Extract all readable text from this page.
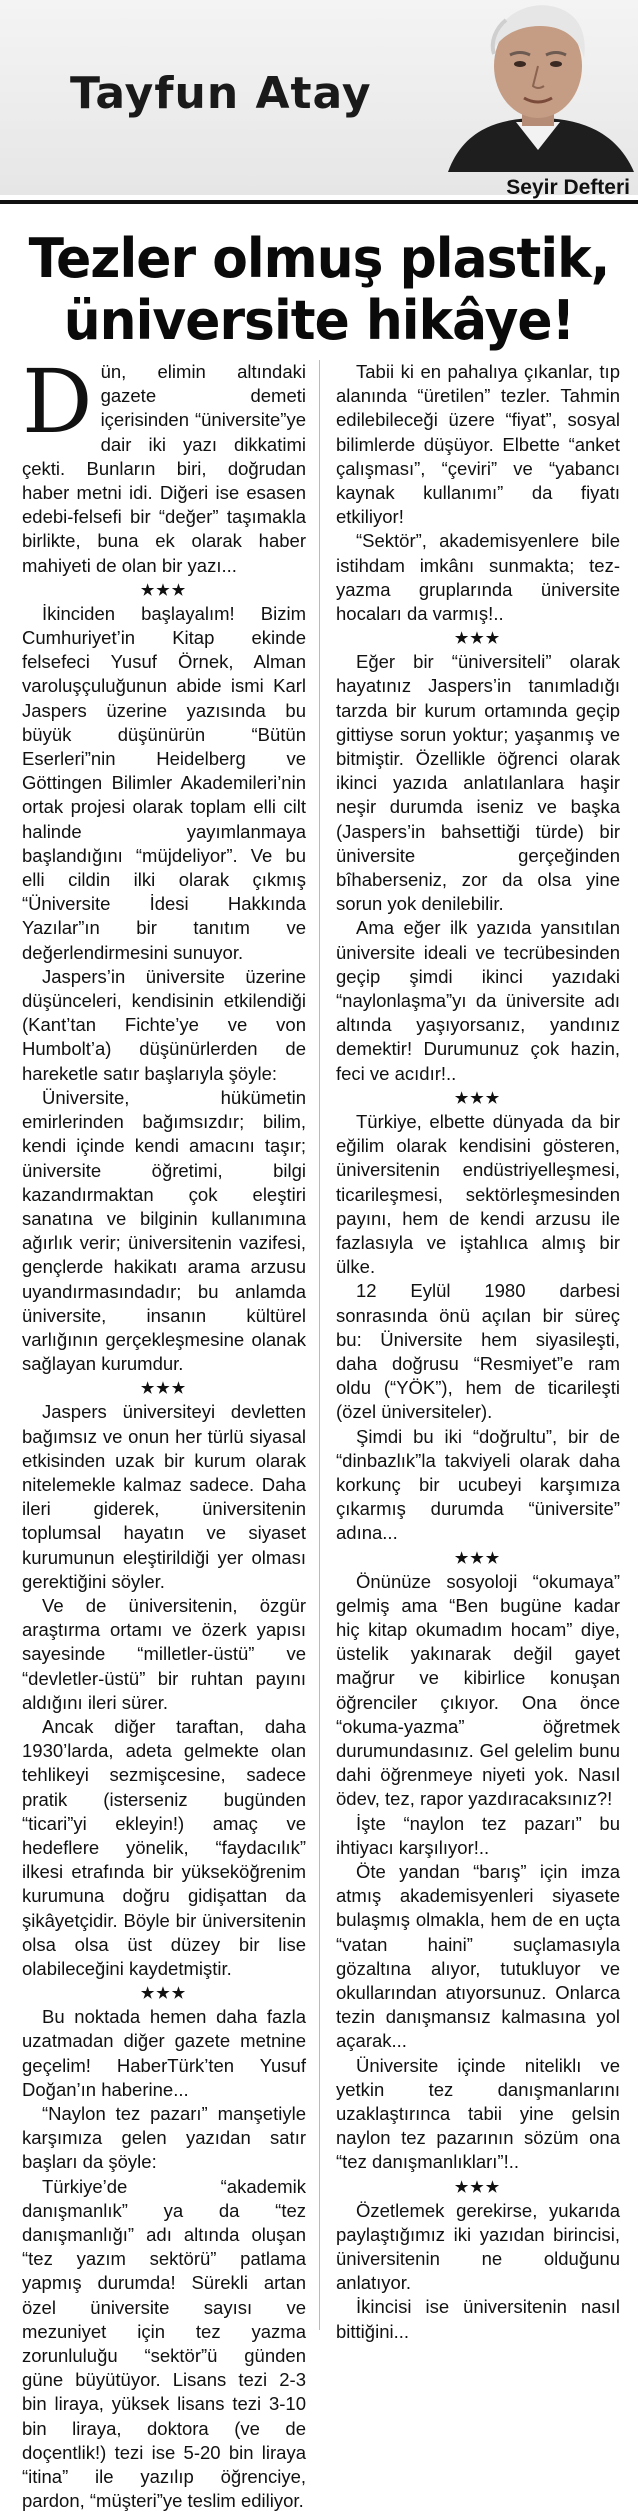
Tayfun Atay
Seyir Defteri
Tezler olmuş plastik,
üniversite hikâye!

Dün, elimin altındaki gazete demeti içerisinden “üniversite”ye dair iki yazı dikkatimi çekti. Bunların biri, doğrudan haber metni idi. Diğeri ise esasen edebi-felsefi bir “değer” taşımakla birlikte, buna ek olarak haber mahiyeti de olan bir yazı...

★★★

İkinciden başlayalım! Bizim Cumhuriyet’in Kitap ekinde felsefeci Yusuf Örnek, Alman varoluşçuluğunun abide ismi Karl Jaspers üzerine yazısında bu büyük düşünürün “Bütün Eserleri”nin Heidelberg ve Göttingen Bilimler Akademileri’nin ortak projesi olarak toplam elli cilt halinde yayımlanmaya başlandığını “müjdeliyor”. Ve bu elli cildin ilki olarak çıkmış “Üniversite İdesi Hakkında Yazılar”ın bir tanıtım ve değerlendirmesini sunuyor.

Jaspers’in üniversite üzerine düşünceleri, kendisinin etkilendiği (Kant’tan Fichte’ye ve von Humbolt’a) düşünürlerden de hareketle satır başlarıyla şöyle:

Üniversite, hükümetin emirlerinden bağımsızdır; bilim, kendi içinde kendi amacını taşır; üniversite öğretimi, bilgi kazandırmaktan çok eleştiri sanatına ve bilginin kullanımına ağırlık verir; üniversitenin vazifesi, gençlerde hakikatı arama arzusu uyandırmasındadır; bu anlamda üniversite, insanın kültürel varlığının gerçekleşmesine olanak sağlayan kurumdur.

★★★

Jaspers üniversiteyi devletten bağımsız ve onun her türlü siyasal etkisinden uzak bir kurum olarak nitelemekle kalmaz sadece. Daha ileri giderek, üniversitenin toplumsal hayatın ve siyaset kurumunun eleştirildiği yer olması gerektiğini söyler.

Ve de üniversitenin, özgür araştırma ortamı ve özerk yapısı sayesinde “milletler-üstü” ve “devletler-üstü” bir ruhtan payını aldığını ileri sürer.

Ancak diğer taraftan, daha 1930’larda, adeta gelmekte olan tehlikeyi sezmişcesine, sadece pratik (isterseniz bugünden “ticari”yi ekleyin!) amaç ve hedeflere yönelik, “faydacılık” ilkesi etrafında bir yükseköğrenim kurumuna doğru gidişattan da şikâyetçidir. Böyle bir üniversitenin olsa olsa üst düzey bir lise olabileceğini kaydetmiştir.

★★★

Bu noktada hemen daha fazla uzatmadan diğer gazete metnine geçelim! HaberTürk’ten Yusuf Doğan’ın haberine...

“Naylon tez pazarı” manşetiyle karşımıza gelen yazıdan satır başları da şöyle:

Türkiye’de “akademik danışmanlık” ya da “tez danışmanlığı” adı altında oluşan “tez yazım sektörü” patlama yapmış durumda! Sürekli artan özel üniversite sayısı ve mezuniyet için tez yazma zorunluluğu “sektör”ü günden güne büyütüyor. Lisans tezi 2-3 bin liraya, yüksek lisans tezi 3-10 bin liraya, doktora (ve de doçentlik!) tezi ise 5-20 bin liraya “itina” ile yazılıp öğrenciye, pardon, “müşteri”ye teslim ediliyor.

Tabii ki en pahalıya çıkanlar, tıp alanında “üretilen” tezler. Tahmin edilebileceği üzere “fiyat”, sosyal bilimlerde düşüyor. Elbette “anket çalışması”, “çeviri” ve “yabancı kaynak kullanımı” da fiyatı etkiliyor!

“Sektör”, akademisyenlere bile istihdam imkânı sunmakta; tez-yazma gruplarında üniversite hocaları da varmış!..

★★★

Eğer bir “üniversiteli” olarak hayatınız Jaspers’in tanımladığı tarzda bir kurum ortamında geçip gittiyse sorun yoktur; yaşanmış ve bitmiştir. Özellikle öğrenci olarak ikinci yazıda anlatılanlara haşir neşir durumda iseniz ve başka (Jaspers’in bahsettiği türde) bir üniversite gerçeğinden bîhaberseniz, zor da olsa yine sorun yok denilebilir.

Ama eğer ilk yazıda yansıtılan üniversite ideali ve tecrübesinden geçip şimdi ikinci yazıdaki “naylonlaşma”yı da üniversite adı altında yaşıyorsanız, yandınız demektir! Durumunuz çok hazin, feci ve acıdır!..

★★★

Türkiye, elbette dünyada da bir eğilim olarak kendisini gösteren, üniversitenin endüstriyelleşmesi, ticarileşmesi, sektörleşmesinden payını, hem de kendi arzusu ile fazlasıyla ve iştahlıca almış bir ülke.

12 Eylül 1980 darbesi sonrasında önü açılan bir süreç bu: Üniversite hem siyasileşti, daha doğrusu “Resmiyet”e ram oldu (“YÖK”), hem de ticarileşti (özel üniversiteler).

Şimdi bu iki “doğrultu”, bir de “dinbazlık”la takviyeli olarak daha korkunç bir ucubeyi karşımıza çıkarmış durumda “üniversite” adına...

★★★

Önünüze sosyoloji “okumaya” gelmiş ama “Ben bugüne kadar hiç kitap okumadım hocam” diye, üstelik yakınarak değil gayet mağrur ve kibirlice konuşan öğrenciler çıkıyor. Ona önce “okuma-yazma” öğretmek durumundasınız. Gel gelelim bunu dahi öğrenmeye niyeti yok. Nasıl ödev, tez, rapor yazdıracaksınız?!

İşte “naylon tez pazarı” bu ihtiyacı karşılıyor!..

Öte yandan “barış” için imza atmış akademisyenleri siyasete bulaşmış olmakla, hem de en uçta “vatan haini” suçlamasıyla gözaltına alıyor, tutukluyor ve okullarından atıyorsunuz. Onlarca tezin danışmansız kalmasına yol açarak...

Üniversite içinde niteliklı ve yetkin tez danışmanlarını uzaklaştırınca tabii yine gelsin naylon tez pazarının sözüm ona “tez danışmanlıkları”!..

★★★

Özetlemek gerekirse, yukarıda paylaştığımız iki yazıdan birincisi, üniversitenin ne olduğunu anlatıyor.

İkincisi ise üniversitenin nasıl bittiğini...
